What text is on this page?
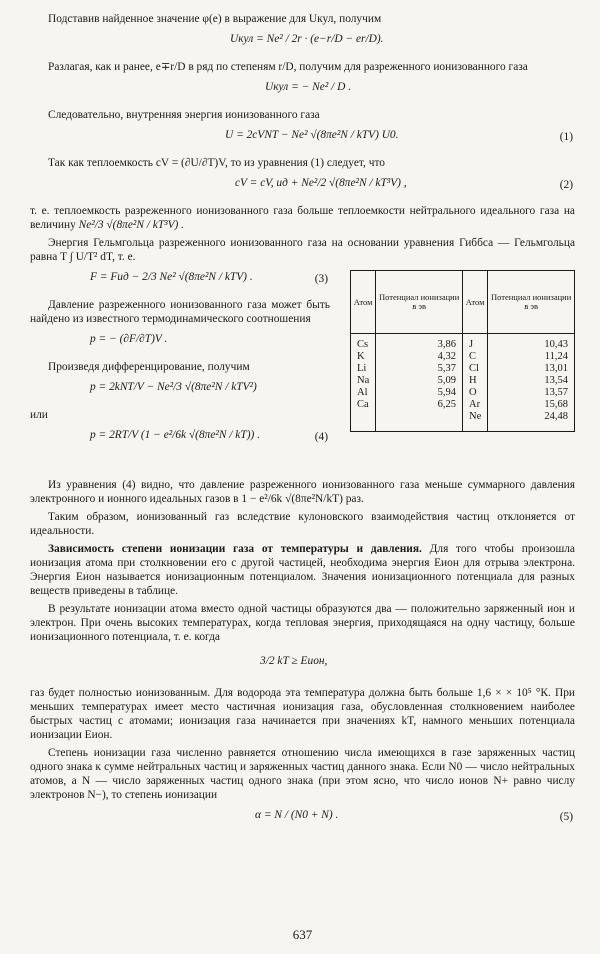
Подставив найденное значение φ(e) в выражение для Uкул, получим

Uкул = Ne² / 2r · (e−r/D − er/D).

Разлагая, как и ранее, e∓r/D в ряд по степеням r/D, получим для разреженного ионизованного газа

Uкул = − Ne² / D .

Следовательно, внутренняя энергия ионизованного газа

U = 2cVNT − Ne² √(8πe²N / kTV) U0.	(1)

Так как теплоемкость cV = (∂U/∂T)V, то из уравнения (1) следует, что

cV = cV, ид + Ne²/2 √(8πe²N / kT³V) ,	(2)

т. е. теплоемкость разреженного ионизованного газа больше теплоемкости нейтрального идеального газа на величину Ne²/3 √(8πe²N / kT³V) .

Энергия Гельмгольца разреженного ионизованного газа на основании уравнения Гиббса — Гельмгольца равна T ∫ U/T² dT, т. е.

F = Fид − 2/3 Ne² √(8πe²N / kTV) .	(3)

Давление разреженного ионизованного газа может быть найдено из известного термодинамического соотношения

p = − (∂F/∂T)V .

Произведя дифференцирование, получим

p = 2kNT/V − Ne²/3 √(8πe²N / kTV²)

или

p = 2RT/V (1 − e²/6k √(8πe²N / kT)) .	(4)
Атом	Потенциал ионизации в эв	Атом	Потенциал ионизации в эв
Cs	3,86	J	10,43
K	4,32	C	11,24
Li	5,37	Cl	13,01
Na	5,09	H	13,54
Al	5,94	O	13,57
Ca	6,25	Ar	15,68
		Ne	24,48

Из уравнения (4) видно, что давление разреженного ионизованного газа меньше суммарного давления электронного и ионного идеальных газов в 1 − e²/6k √(8πe²N/kT) раз.

Таким образом, ионизованный газ вследствие кулоновского взаимодействия частиц отклоняется от идеальности.

Зависимость степени ионизации газа от температуры и давления. Для того чтобы произошла ионизация атома при столкновении его с другой частицей, необходима энергия Eион для отрыва электрона. Энергия Eион называется ионизационным потенциалом. Значения ионизационного потенциала для разных веществ приведены в таблице.

В результате ионизации атома вместо одной частицы образуются два — положительно заряженный ион и электрон. При очень высоких температурах, когда тепловая энергия, приходящаяся на одну частицу, больше ионизационного потенциала, т. е. когда

3/2 kT ≥ Eион,

газ будет полностью ионизованным. Для водорода эта температура должна быть больше 1,6 × × 10⁵ °К. При меньших температурах имеет место частичная ионизация газа, обусловленная столкновением наиболее быстрых частиц с атомами; ионизация газа начинается при значениях kT, намного меньших потенциала ионизации Eион.

Степень ионизации газа численно равняется отношению числа имеющихся в газе заряженных частиц одного знака к сумме нейтральных частиц и заряженных частиц данного знака. Если N0 — число нейтральных атомов, а N — число заряженных частиц одного знака (при этом ясно, что число ионов N+ равно числу электронов N−), то степень ионизации

α = N / (N0 + N) .	(5)
637
